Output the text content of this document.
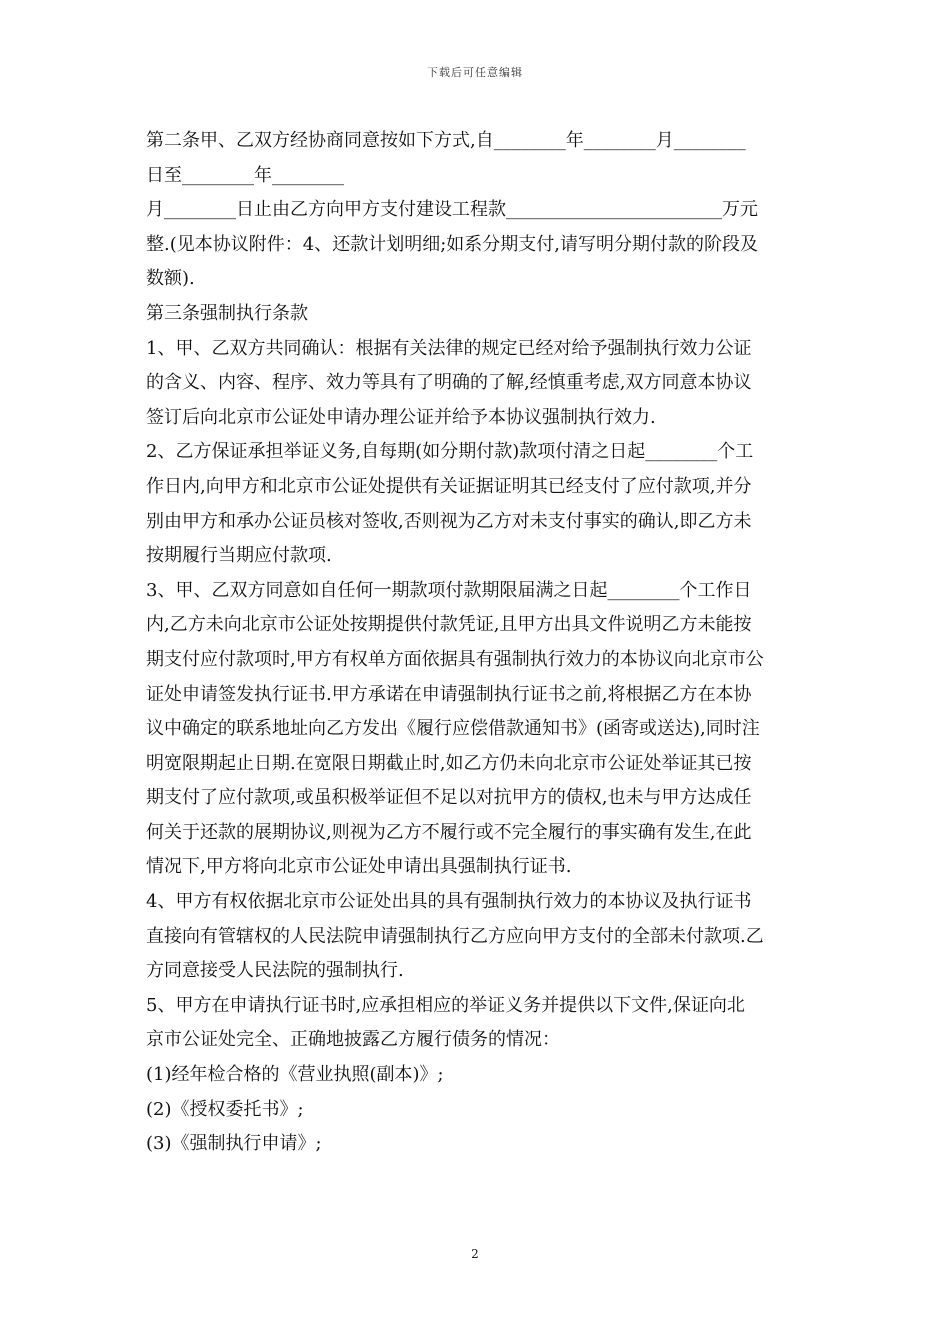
下载后可任意编辑
第二条甲、乙双方经协商同意按如下方式,自________年________月________
日至________年________
月________日止由乙方向甲方支付建设工程款________________________万元
整.(见本协议附件：4、还款计划明细;如系分期支付,请写明分期付款的阶段及
数额).
第三条强制执行条款
1、甲、乙双方共同确认：根据有关法律的规定已经对给予强制执行效力公证
的含义、内容、程序、效力等具有了明确的了解,经慎重考虑,双方同意本协议
签订后向北京市公证处申请办理公证并给予本协议强制执行效力.
2、乙方保证承担举证义务,自每期(如分期付款)款项付清之日起________个工
作日内,向甲方和北京市公证处提供有关证据证明其已经支付了应付款项,并分
别由甲方和承办公证员核对签收,否则视为乙方对未支付事实的确认,即乙方未
按期履行当期应付款项.
3、甲、乙双方同意如自任何一期款项付款期限届满之日起________个工作日
内,乙方未向北京市公证处按期提供付款凭证,且甲方出具文件说明乙方未能按
期支付应付款项时,甲方有权单方面依据具有强制执行效力的本协议向北京市公
证处申请签发执行证书.甲方承诺在申请强制执行证书之前,将根据乙方在本协
议中确定的联系地址向乙方发出《履行应偿借款通知书》(函寄或送达),同时注
明宽限期起止日期.在宽限日期截止时,如乙方仍未向北京市公证处举证其已按
期支付了应付款项,或虽积极举证但不足以对抗甲方的债权,也未与甲方达成任
何关于还款的展期协议,则视为乙方不履行或不完全履行的事实确有发生,在此
情况下,甲方将向北京市公证处申请出具强制执行证书.
4、甲方有权依据北京市公证处出具的具有强制执行效力的本协议及执行证书
直接向有管辖权的人民法院申请强制执行乙方应向甲方支付的全部未付款项.乙
方同意接受人民法院的强制执行.
5、甲方在申请执行证书时,应承担相应的举证义务并提供以下文件,保证向北
京市公证处完全、正确地披露乙方履行债务的情况：
(1)经年检合格的《营业执照(副本)》;
(2)《授权委托书》;
(3)《强制执行申请》;
2
